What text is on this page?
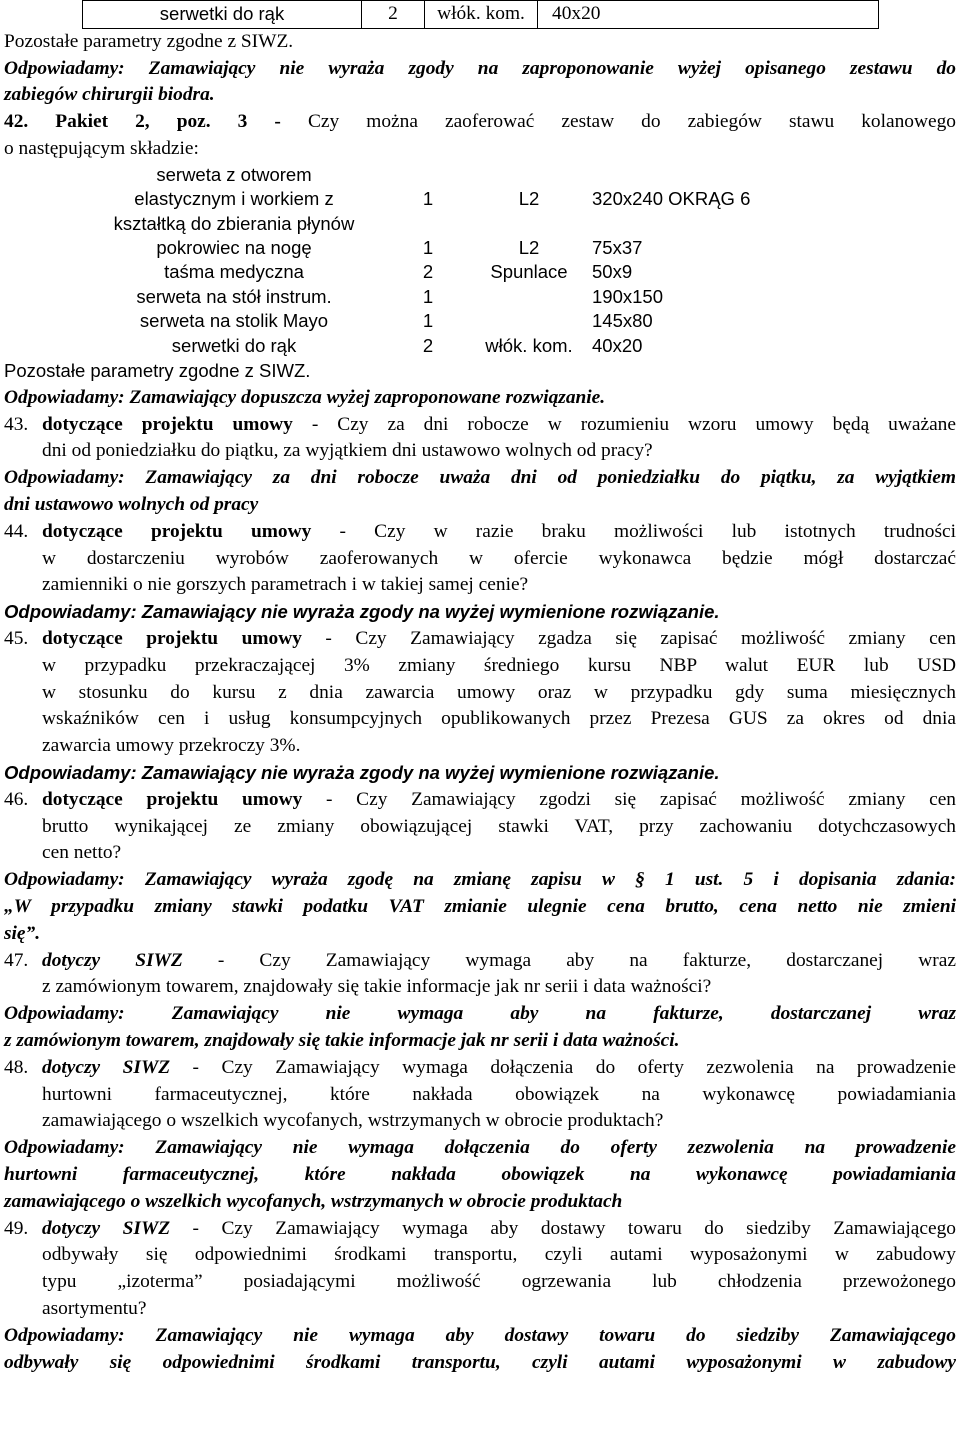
serwetki do rąk	2	włók. kom.	40x20

Pozostałe parametry zgodne z SIWZ.

Odpowiadamy: Zamawiający nie wyraża zgody na zaproponowanie wyżej opisanego zestawu do

zabiegów chirurgii biodra.

42. Pakiet 2, poz. 3 - Czy można zaoferować zestaw do zabiegów stawu kolanowego

o następującym składzie:

serweta z otworem
elastycznym i workiem z
kształtką do zbierania płynów	1	L2	320x240 OKRĄG 6
pokrowiec na nogę	1	L2	75x37
taśma medyczna	2	Spunlace	50x9
serweta na stół instrum.	1		190x150
serweta na stolik Mayo	1		145x80
serwetki do rąk	2	włók. kom.	40x20

Pozostałe parametry zgodne z SIWZ.

Odpowiadamy: Zamawiający dopuszcza wyżej zaproponowane rozwiązanie.

43. dotyczące projektu umowy - Czy za dni robocze w rozumieniu wzoru umowy będą uważane

dni od poniedziałku do piątku, za wyjątkiem dni ustawowo wolnych od pracy?

Odpowiadamy: Zamawiający za dni robocze uważa dni od poniedziałku do piątku, za wyjątkiem

dni ustawowo wolnych od pracy

44. dotyczące projektu umowy - Czy w razie braku możliwości lub istotnych trudności

w dostarczeniu wyrobów zaoferowanych w ofercie wykonawca będzie mógł dostarczać

zamienniki o nie gorszych parametrach i w takiej samej cenie?

Odpowiadamy: Zamawiający nie wyraża zgody na wyżej wymienione rozwiązanie.

45. dotyczące projektu umowy - Czy Zamawiający zgadza się zapisać możliwość zmiany cen

w przypadku przekraczającej 3% zmiany średniego kursu NBP walut EUR lub USD

w stosunku do kursu z dnia zawarcia umowy oraz w przypadku gdy suma miesięcznych

wskaźników cen i usług konsumpcyjnych opublikowanych przez Prezesa GUS za okres od dnia

zawarcia umowy przekroczy 3%.

Odpowiadamy: Zamawiający nie wyraża zgody na wyżej wymienione rozwiązanie.

46. dotyczące projektu umowy - Czy Zamawiający zgodzi się zapisać możliwość zmiany cen

brutto wynikającej ze zmiany obowiązującej stawki VAT, przy zachowaniu dotychczasowych

cen netto?

Odpowiadamy: Zamawiający wyraża zgodę na zmianę zapisu w § 1 ust. 5 i dopisania zdania:

„W przypadku zmiany stawki podatku VAT zmianie ulegnie cena brutto, cena netto nie zmieni

się”.

47. dotyczy SIWZ - Czy Zamawiający wymaga aby na fakturze, dostarczanej wraz

z zamówionym towarem, znajdowały się takie informacje jak nr serii i data ważności?

Odpowiadamy: Zamawiający nie wymaga aby na fakturze, dostarczanej wraz

z zamówionym towarem, znajdowały się takie informacje jak nr serii i data ważności.

48. dotyczy SIWZ - Czy Zamawiający wymaga dołączenia do oferty zezwolenia na prowadzenie

hurtowni farmaceutycznej, które nakłada obowiązek na wykonawcę powiadamiania

zamawiającego o wszelkich wycofanych, wstrzymanych w obrocie produktach?

Odpowiadamy: Zamawiający nie wymaga dołączenia do oferty zezwolenia na prowadzenie

hurtowni farmaceutycznej, które nakłada obowiązek na wykonawcę powiadamiania

zamawiającego o wszelkich wycofanych, wstrzymanych w obrocie produktach

49. dotyczy SIWZ - Czy Zamawiający wymaga aby dostawy towaru do siedziby Zamawiającego

odbywały się odpowiednimi środkami transportu, czyli autami wyposażonymi w zabudowy

typu „izoterma” posiadającymi możliwość ogrzewania lub chłodzenia przewożonego

asortymentu?

Odpowiadamy: Zamawiający nie wymaga aby dostawy towaru do siedziby Zamawiającego

odbywały się odpowiednimi środkami transportu, czyli autami wyposażonymi w zabudowy
